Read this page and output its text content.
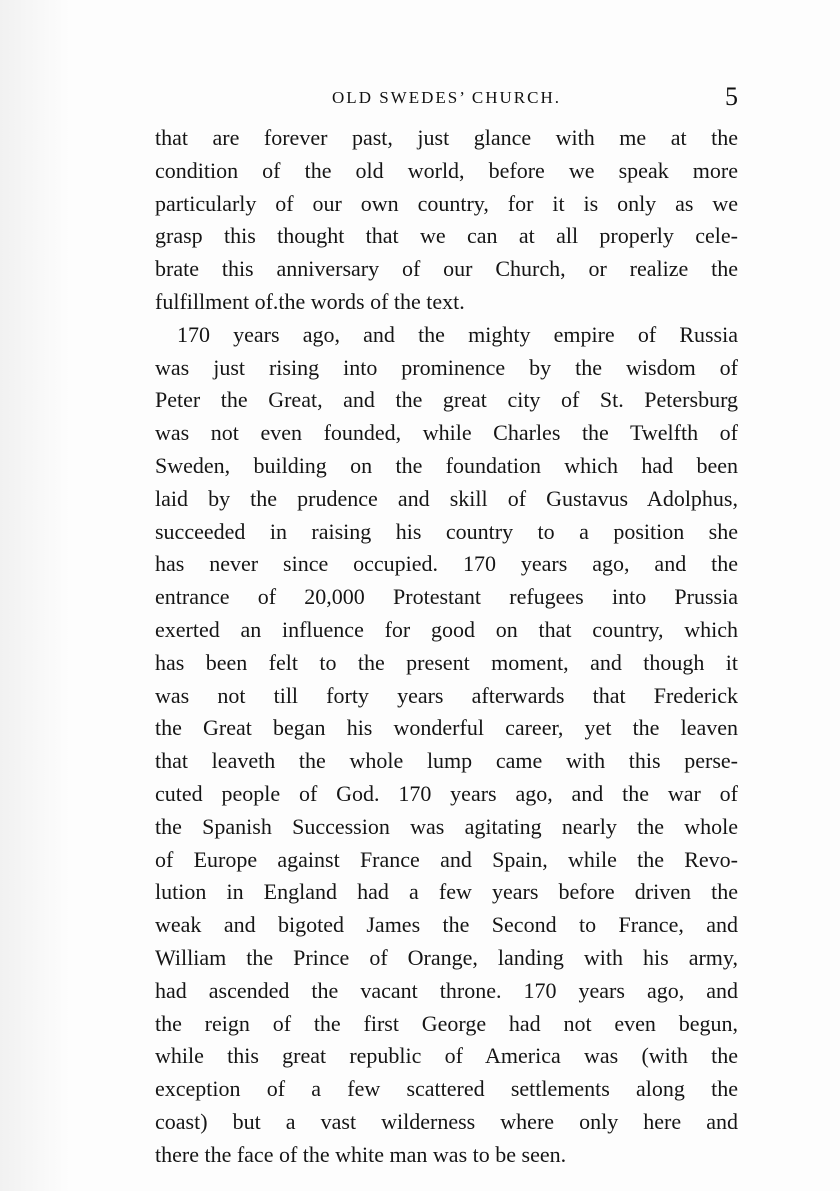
OLD SWEDES’ CHURCH.	5
that are forever past, just glance with me at the
condition of the old world, before we speak more
particularly of our own country, for it is only as we
grasp this thought that we can at all properly cele-
brate this anniversary of our Church, or realize the
fulfillment of.the words of the text.
170 years ago, and the mighty empire of Russia
was just rising into prominence by the wisdom of
Peter the Great, and the great city of St. Petersburg
was not even founded, while Charles the Twelfth of
Sweden, building on the foundation which had been
laid by the prudence and skill of Gustavus Adolphus,
succeeded in raising his country to a position she
has never since occupied. 170 years ago, and the
entrance of 20,000 Protestant refugees into Prussia
exerted an influence for good on that country, which
has been felt to the present moment, and though it
was not till forty years afterwards that Frederick
the Great began his wonderful career, yet the leaven
that leaveth the whole lump came with this perse-
cuted people of God. 170 years ago, and the war of
the Spanish Succession was agitating nearly the whole
of Europe against France and Spain, while the Revo-
lution in England had a few years before driven the
weak and bigoted James the Second to France, and
William the Prince of Orange, landing with his army,
had ascended the vacant throne. 170 years ago, and
the reign of the first George had not even begun,
while this great republic of America was (with the
exception of a few scattered settlements along the
coast) but a vast wilderness where only here and
there the face of the white man was to be seen.
